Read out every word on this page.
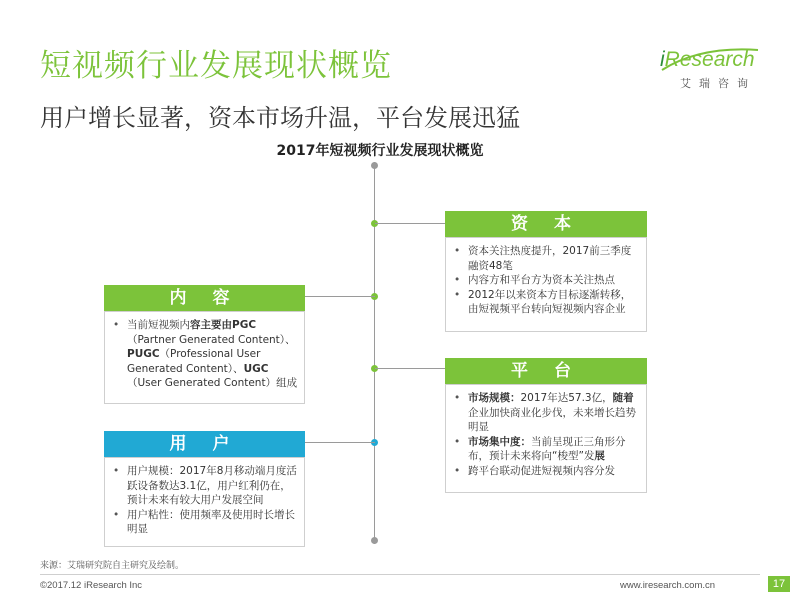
短视频行业发展现状概览
用户增长显著，资本市场升温，平台发展迅猛
iResearch
艾瑞咨询
2017年短视频行业发展现状概览
资 本
• 资本关注热度提升，2017前三季度融资48笔
• 内容方和平台方为资本关注热点
• 2012年以来资本方目标逐渐转移，由短视频平台转向短视频内容企业
内 容
• 当前短视频内容主要由PGC（Partner Generated Content）、PUGC（Professional User Generated Content）、UGC（User Generated Content）组成
平 台
• 市场规模：2017年达57.3亿，随着企业加快商业化步伐，未来增长趋势明显
• 市场集中度：当前呈现正三角形分布，预计未来将向“梭型”发展
• 跨平台联动促进短视频内容分发
用 户
• 用户规模：2017年8月移动端月度活跃设备数达3.1亿，用户红利仍在，预计未来有较大用户发展空间
• 用户粘性：使用频率及使用时长增长明显
来源：艾瑞研究院自主研究及绘制。
©2017.12 iResearch Inc	www.iresearch.com.cn	17
